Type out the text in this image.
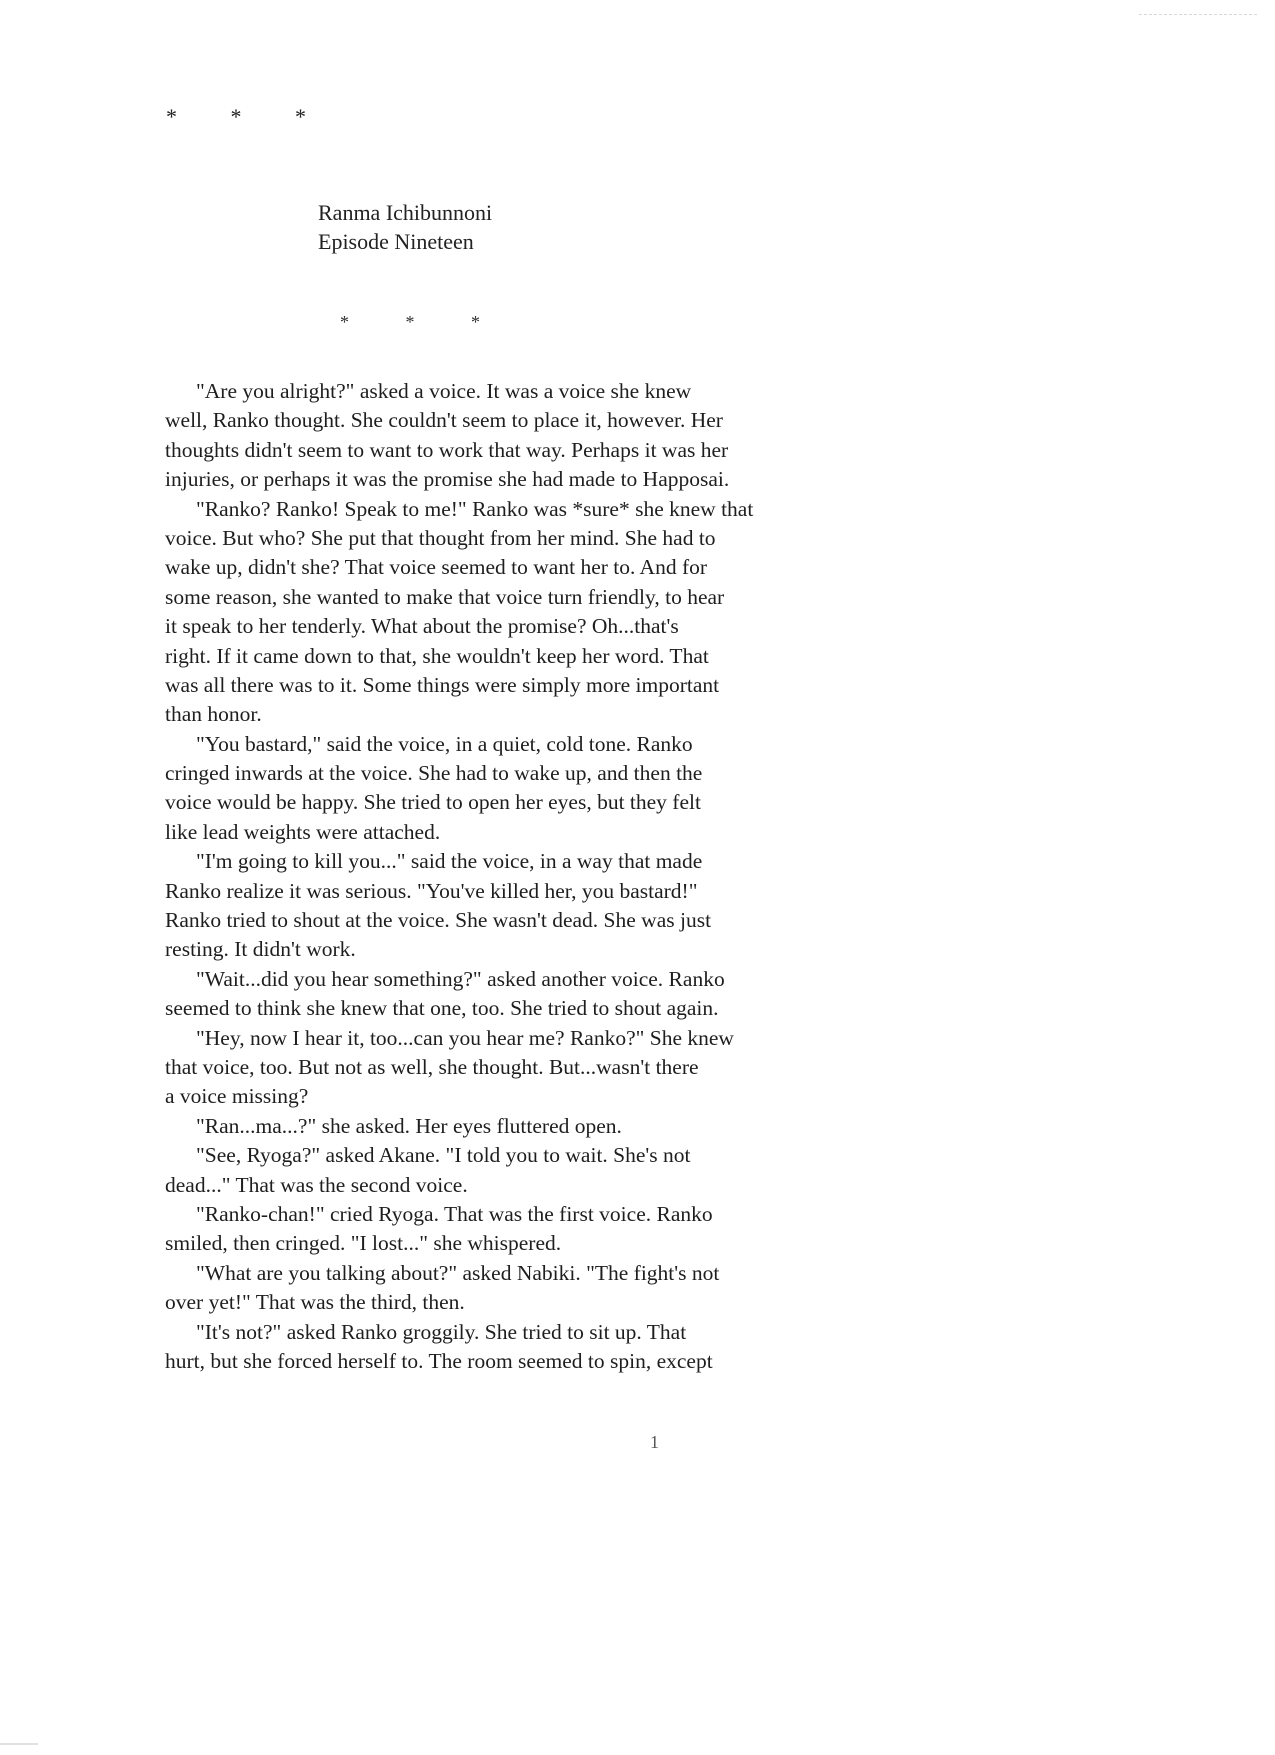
* * *
Ranma Ichibunnoni
Episode Nineteen
* * *
"Are you alright?" asked a voice. It was a voice she knew
well, Ranko thought. She couldn't seem to place it, however. Her
thoughts didn't seem to want to work that way. Perhaps it was her
injuries, or perhaps it was the promise she had made to Happosai.
"Ranko? Ranko! Speak to me!" Ranko was *sure* she knew that
voice. But who? She put that thought from her mind. She had to
wake up, didn't she? That voice seemed to want her to. And for
some reason, she wanted to make that voice turn friendly, to hear
it speak to her tenderly. What about the promise? Oh...that's
right. If it came down to that, she wouldn't keep her word. That
was all there was to it. Some things were simply more important
than honor.
"You bastard," said the voice, in a quiet, cold tone. Ranko
cringed inwards at the voice. She had to wake up, and then the
voice would be happy. She tried to open her eyes, but they felt
like lead weights were attached.
"I'm going to kill you..." said the voice, in a way that made
Ranko realize it was serious. "You've killed her, you bastard!"
Ranko tried to shout at the voice. She wasn't dead. She was just
resting. It didn't work.
"Wait...did you hear something?" asked another voice. Ranko
seemed to think she knew that one, too. She tried to shout again.
"Hey, now I hear it, too...can you hear me? Ranko?" She knew
that voice, too. But not as well, she thought. But...wasn't there
a voice missing?
"Ran...ma...?" she asked. Her eyes fluttered open.
"See, Ryoga?" asked Akane. "I told you to wait. She's not
dead..." That was the second voice.
"Ranko-chan!" cried Ryoga. That was the first voice. Ranko
smiled, then cringed. "I lost..." she whispered.
"What are you talking about?" asked Nabiki. "The fight's not
over yet!" That was the third, then.
"It's not?" asked Ranko groggily. She tried to sit up. That
hurt, but she forced herself to. The room seemed to spin, except
1
